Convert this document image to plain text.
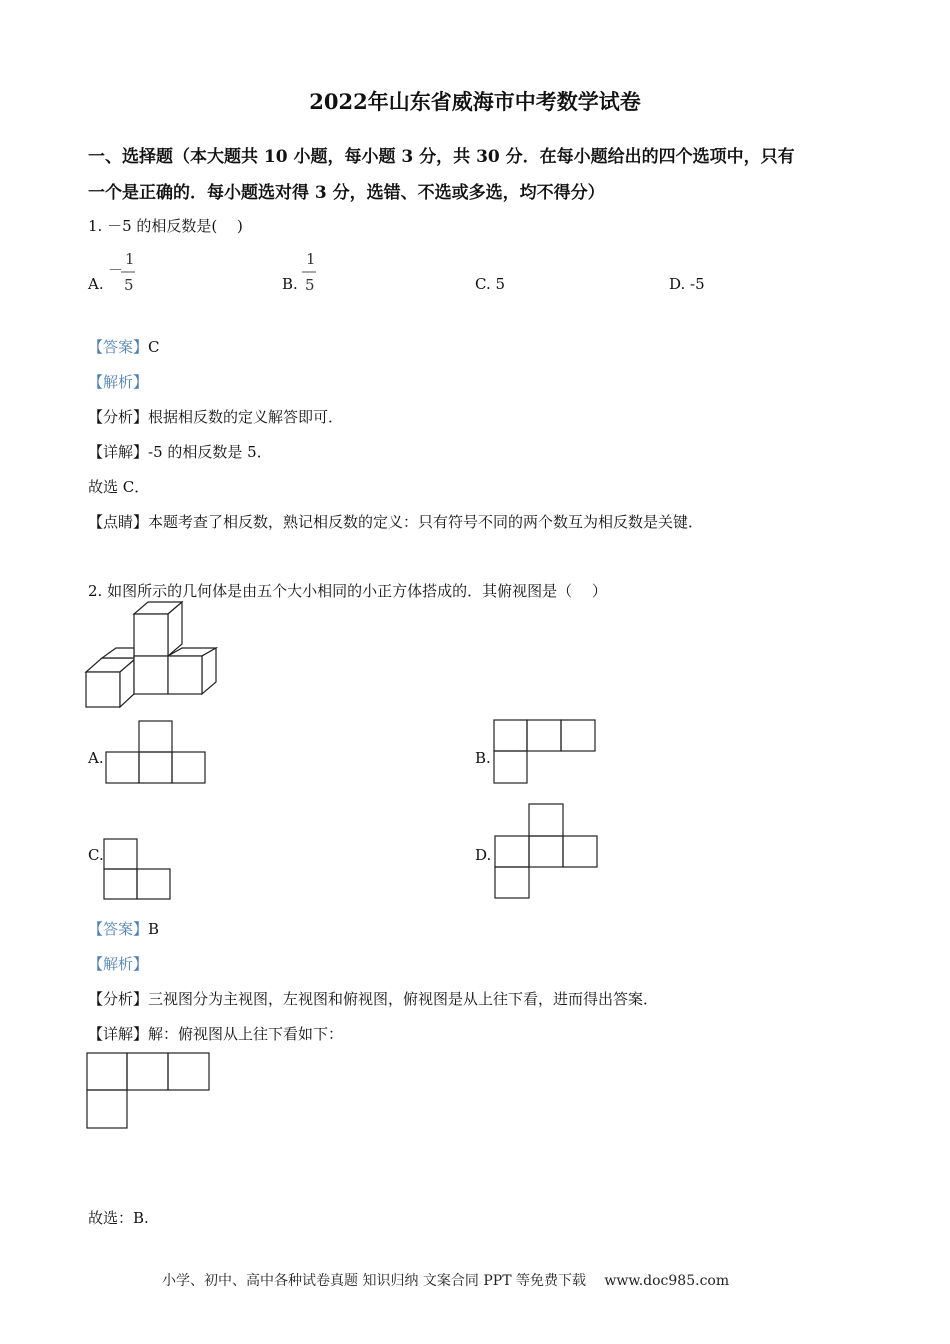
2022年山东省威海市中考数学试卷
一、选择题（本大题共 10 小题，每小题 3 分，共 30 分．在每小题给出的四个选项中，只有
一个是正确的．每小题选对得 3 分，选错、不选或多选，均不得分）
1. －5 的相反数是(　 )
A.
－
1
5	B.
1
5	C. 5	D. -5
【答案】C
【解析】
【分析】根据相反数的定义解答即可．
【详解】-5 的相反数是 5．
故选 C．
【点睛】本题考查了相反数，熟记相反数的定义：只有符号不同的两个数互为相反数是关键．
2. 如图所示的几何体是由五个大小相同的小正方体搭成的．其俯视图是（　 ）
A.	B.
C.	D.
【答案】B
【解析】
【分析】三视图分为主视图，左视图和俯视图，俯视图是从上往下看，进而得出答案．
【详解】解：俯视图从上往下看如下：
故选：B.
小学、初中、高中各种试卷真题 知识归纳 文案合同 PPT 等免费下载　 www.doc985.com
